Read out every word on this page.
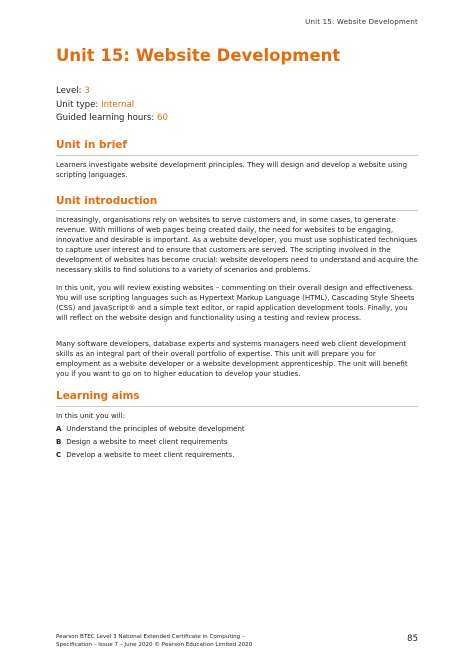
Unit 15: Website Development
Unit 15: Website Development
Level: 3
Unit type: Internal
Guided learning hours: 60
Unit in brief

Learners investigate website development principles. They will design and develop a website using scripting languages.

Unit introduction

Increasingly, organisations rely on websites to serve customers and, in some cases, to generate revenue. With millions of web pages being created daily, the need for websites to be engaging, innovative and desirable is important. As a website developer, you must use sophisticated techniques to capture user interest and to ensure that customers are served. The scripting involved in the development of websites has become crucial: website developers need to understand and acquire the necessary skills to find solutions to a variety of scenarios and problems.

In this unit, you will review existing websites – commenting on their overall design and effectiveness. You will use scripting languages such as Hypertext Markup Language (HTML), Cascading Style Sheets (CSS) and JavaScript® and a simple text editor, or rapid application development tools. Finally, you will reflect on the website design and functionality using a testing and review process.

Many software developers, database experts and systems managers need web client development skills as an integral part of their overall portfolio of expertise. This unit will prepare you for employment as a website developer or a website development apprenticeship. The unit will benefit you if you want to go on to higher education to develop your studies.

Learning aims

In this unit you will:

A Understand the principles of website development
B Design a website to meet client requirements
C Develop a website to meet client requirements.
Pearson BTEC Level 3 National Extended Certificate in Computing –
Specification – Issue 7 – June 2020 © Pearson Education Limited 2020
85
